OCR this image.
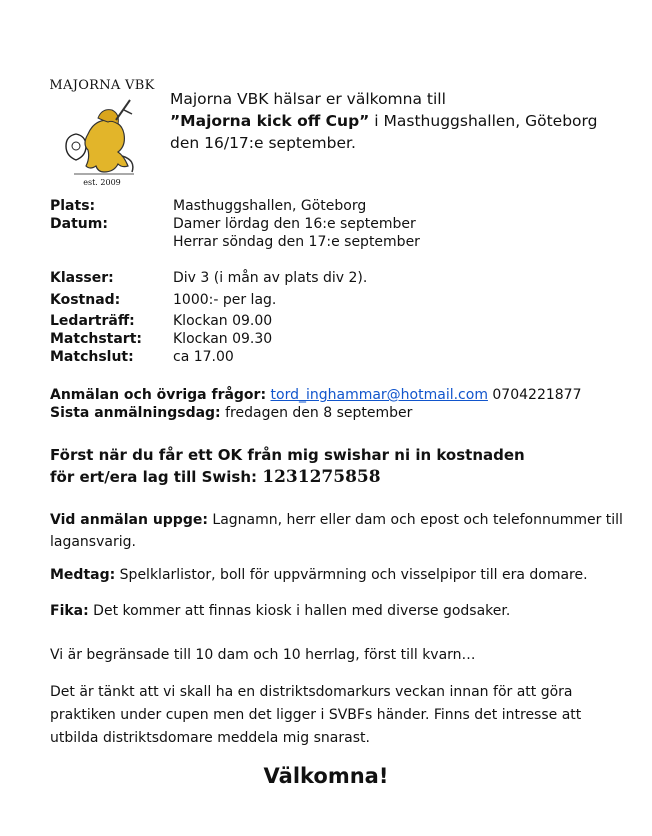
MAJORNA VBK
est. 2009
Majorna VBK hälsar er välkomna till
”Majorna kick off Cup” i Masthuggshallen, Göteborg
den 16/17:e september.
Plats:	Masthuggshallen, Göteborg
Datum:	Damer lördag den 16:e september
Herrar söndag den 17:e september
Klasser:	Div 3 (i mån av plats div 2).
Kostnad:	1000:- per lag.
Ledarträff:	Klockan 09.00
Matchstart: Klockan 09.30
Matchslut:	ca 17.00
Anmälan och övriga frågor: tord_inghammar@hotmail.com 0704221877
Sista anmälningsdag: fredagen den 8 september
Först när du får ett OK från mig swishar ni in kostnaden
för ert/era lag till Swish: 1231275858
Vid anmälan uppge: Lagnamn, herr eller dam och epost och telefonnummer till lagansvarig.
Medtag: Spelklarlistor, boll för uppvärmning och visselpipor till era domare.
Fika: Det kommer att finnas kiosk i hallen med diverse godsaker.
Vi är begränsade till 10 dam och 10 herrlag, först till kvarn…
Det är tänkt att vi skall ha en distriktsdomarkurs veckan innan för att göra praktiken under cupen men det ligger i SVBFs händer. Finns det intresse att utbilda distriktsdomare meddela mig snarast.
Välkomna!
